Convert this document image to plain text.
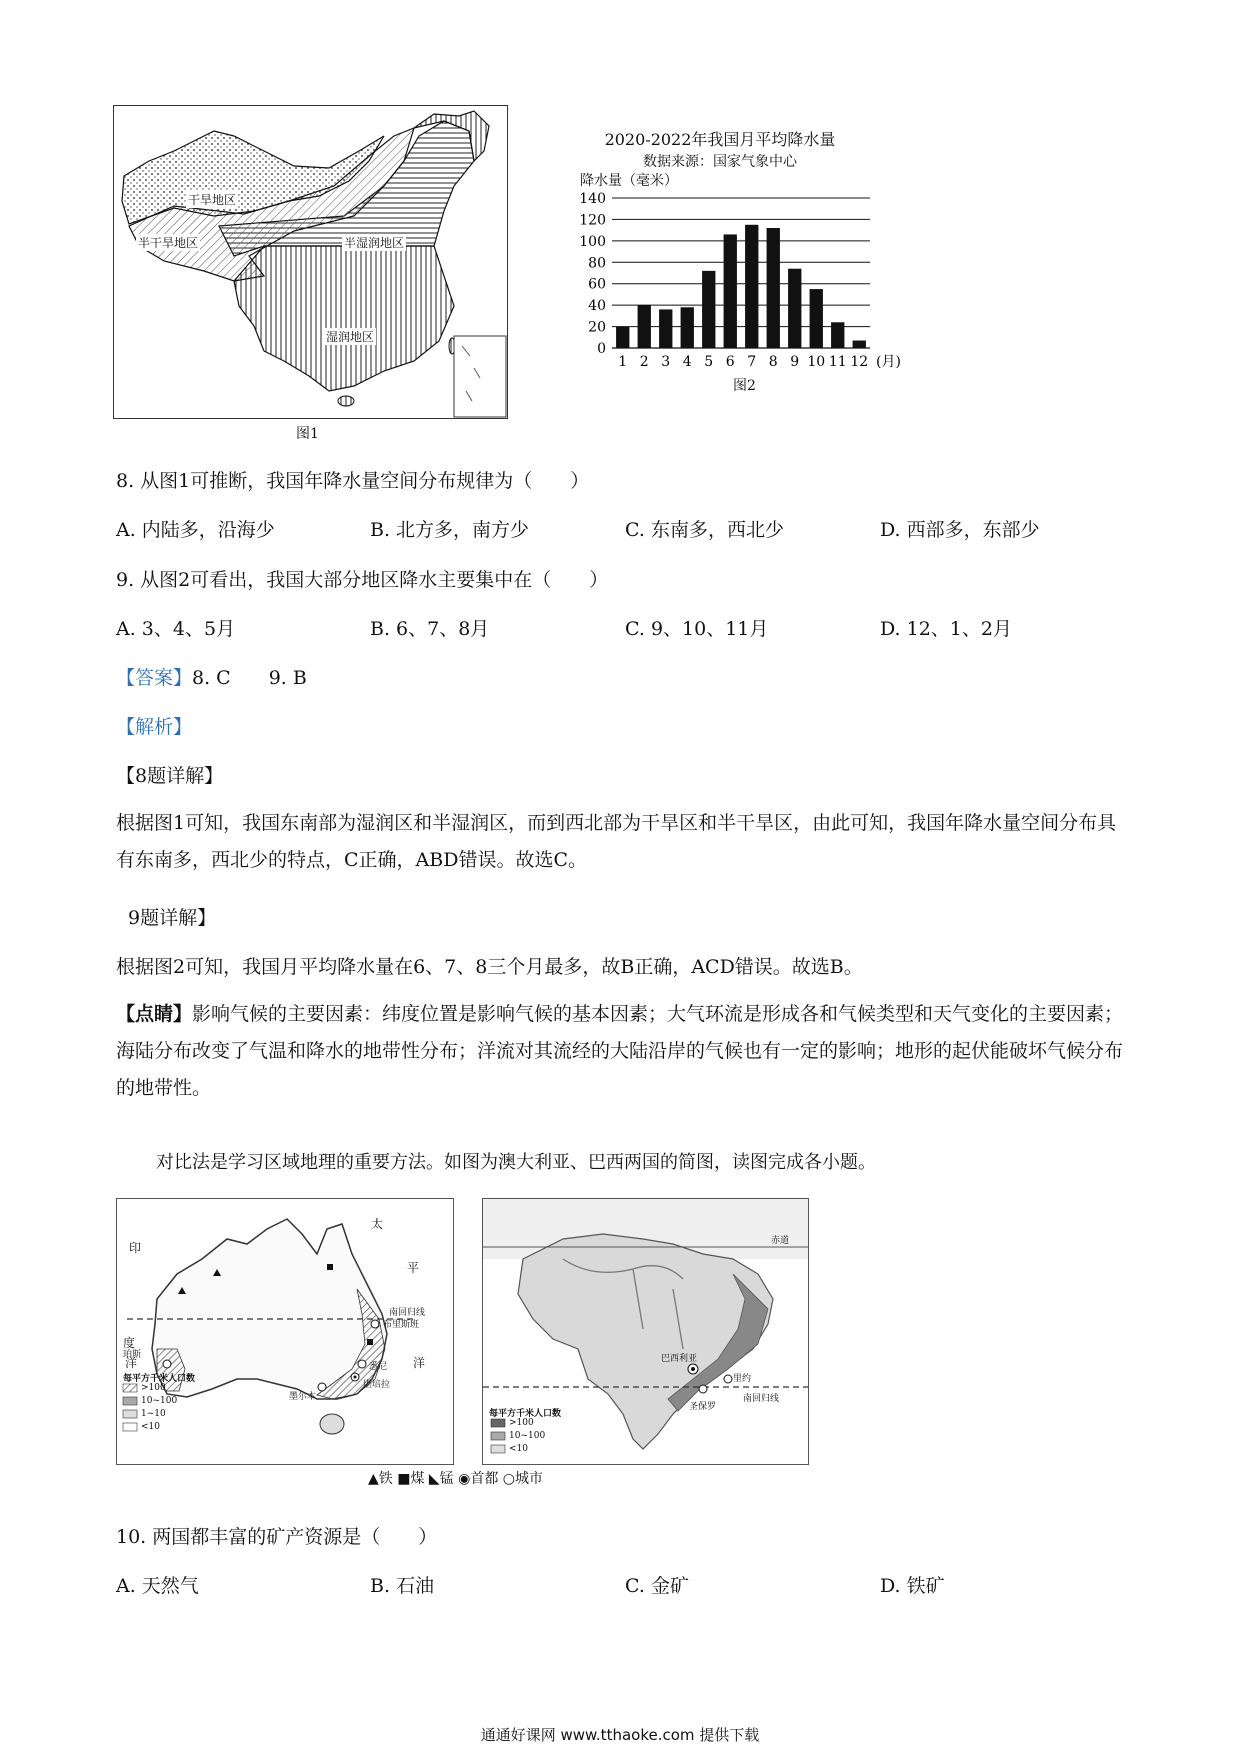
干旱地区
半干旱地区	半湿润地区
湿润地区
图1
2020-2022年我国月平均降水量
数据来源：国家气象中心
降水量（毫米）
0
20
40
60
80
100
120
140
1 2 3 4 5 6 7 8 9 10 11 12 (月)
图2
8. 从图1可推断，我国年降水量空间分布规律为（　　）
A. 内陆多，沿海少	B. 北方多，南方少	C. 东南多，西北少	D. 西部多，东部少
9. 从图2可看出，我国大部分地区降水主要集中在（　　）
A. 3、4、5月	B. 6、7、8月	C. 9、10、11月	D. 12、1、2月
【答案】8. C　　9. B
【解析】
【8题详解】
根据图1可知，我国东南部为湿润区和半湿润区，而到西北部为干旱区和半干旱区，由此可知，我国年降水量空间分布具有东南多，西北少的特点，C正确，ABD错误。故选C。
9题详解】
根据图2可知，我国月平均降水量在6、7、8三个月最多，故B正确，ACD错误。故选B。
【点睛】影响气候的主要因素：纬度位置是影响气候的基本因素；大气环流是形成各和气候类型和天气变化的主要因素；海陆分布改变了气温和降水的地带性分布；洋流对其流经的大陆沿岸的气候也有一定的影响；地形的起伏能破坏气候分布的地带性。
对比法是学习区域地理的重要方法。如图为澳大利亚、巴西两国的简图，读图完成各小题。
印
度
洋
太
平
洋
南回归线
布里斯班
悉尼
墨尔本
堪培拉
珀斯
每平方千米人口数
>100
10~100
1~10
<10
赤道
南回归线
巴西利亚
圣保罗
里约
每平方千米人口数
>100
10~100
<10
▲铁 ■煤 ◣锰 ◉首都 ○城市
10. 两国都丰富的矿产资源是（　　）
A. 天然气	B. 石油	C. 金矿	D. 铁矿
通通好课网 www.tthaoke.com 提供下载
